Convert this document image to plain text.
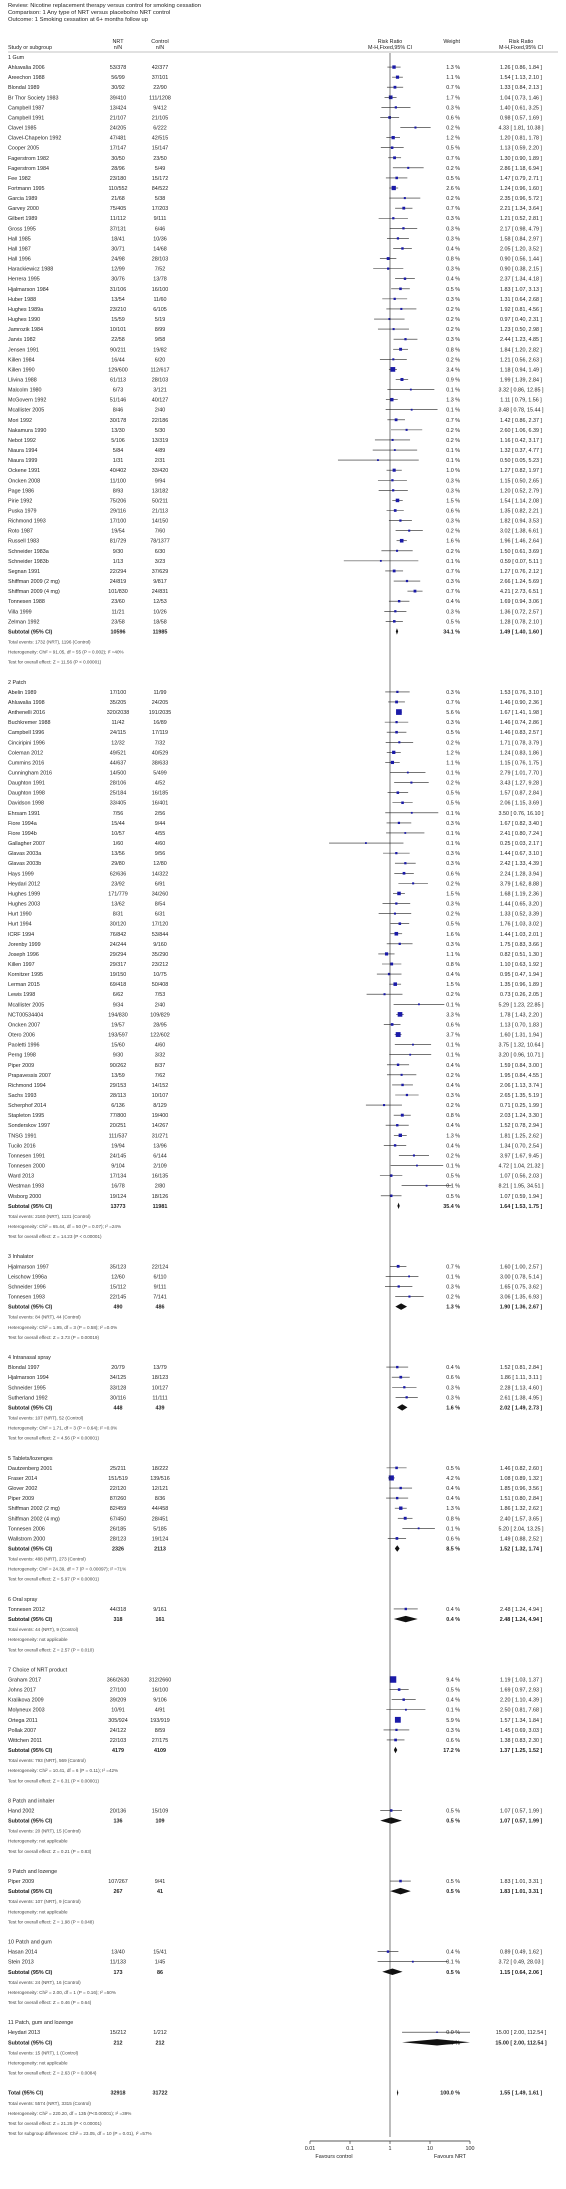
Review: Nicotine replacement therapy versus control for smoking cessation
Comparison: 1 Any type of NRT versus placebo/no NRT control
Outcome: 1 Smoking cessation at 6+ months follow up
Study or subgroup
NRT
n/N
Control
n/N
Risk Ratio
M-H,Fixed,95% CI
Weight	Risk Ratio
M-H,Fixed,95% CI
1 Gum
Ahluwalia 2006	53/378	42/377	1.3 %	1.26 [ 0.86, 1.84 ]
Areechon 1988	56/99	37/101	1.1 %	1.54 [ 1.13, 2.10 ]
Blondal 1989	30/92	22/90	0.7 %	1.33 [ 0.84, 2.13 ]
Br Thor Society 1983	39/410	111/1208	1.7 %	1.04 [ 0.73, 1.46 ]
Campbell 1987	13/424	9/412	0.3 %	1.40 [ 0.61, 3.25 ]
Campbell 1991	21/107	21/105	0.6 %	0.98 [ 0.57, 1.69 ]
Clavel 1985	24/205	6/222	0.2 %	4.33 [ 1.81, 10.38 ]
Clavel-Chapelon 1992	47/481	42/515	1.2 %	1.20 [ 0.81, 1.78 ]
Cooper 2005	17/147	15/147	0.5 %	1.13 [ 0.59, 2.20 ]
Fagerstrom 1982	30/50	23/50	0.7 %	1.30 [ 0.90, 1.89 ]
Fagerstrom 1984	28/96	5/49	0.2 %	2.86 [ 1.18, 6.94 ]
Fee 1982	23/180	15/172	0.5 %	1.47 [ 0.79, 2.71 ]
Fortmann 1995	110/552	84/522	2.6 %	1.24 [ 0.96, 1.60 ]
Garcia 1989	21/68	5/38	0.2 %	2.35 [ 0.96, 5.72 ]
Garvey 2000	75/405	17/203	0.7 %	2.21 [ 1.34, 3.64 ]
Gilbert 1989	11/112	9/111	0.3 %	1.21 [ 0.52, 2.81 ]
Gross 1995	37/131	6/46	0.3 %	2.17 [ 0.98, 4.79 ]
Hall 1985	18/41	10/36	0.3 %	1.58 [ 0.84, 2.97 ]
Hall 1987	30/71	14/68	0.4 %	2.05 [ 1.20, 3.52 ]
Hall 1996	24/98	28/103	0.8 %	0.90 [ 0.56, 1.44 ]
Harackiewicz 1988	12/99	7/52	0.3 %	0.90 [ 0.38, 2.15 ]
Herrera 1995	30/76	13/78	0.4 %	2.37 [ 1.34, 4.18 ]
Hjalmarson 1984	31/106	16/100	0.5 %	1.83 [ 1.07, 3.13 ]
Huber 1988	13/54	11/60	0.3 %	1.31 [ 0.64, 2.68 ]
Hughes 1989a	23/210	6/105	0.2 %	1.92 [ 0.81, 4.56 ]
Hughes 1990	15/59	5/19	0.2 %	0.97 [ 0.40, 2.31 ]
Jamrozik 1984	10/101	8/99	0.2 %	1.23 [ 0.50, 2.98 ]
Jarvis 1982	22/58	9/58	0.3 %	2.44 [ 1.23, 4.85 ]
Jensen 1991	90/211	19/82	0.8 %	1.84 [ 1.20, 2.82 ]
Killen 1984	16/44	6/20	0.2 %	1.21 [ 0.56, 2.63 ]
Killen 1990	129/600	112/617	3.4 %	1.18 [ 0.94, 1.49 ]
Llivina 1988	61/113	28/103	0.9 %	1.99 [ 1.39, 2.84 ]
Malcolm 1980	6/73	3/121	0.1 %	3.32 [ 0.86, 12.85 ]
McGovern 1992	51/146	40/127	1.3 %	1.11 [ 0.79, 1.56 ]
Mcallister 2005	8/46	2/40	0.1 %	3.48 [ 0.78, 15.44 ]
Mori 1992	30/178	22/186	0.7 %	1.42 [ 0.86, 2.37 ]
Nakamura 1990	13/30	5/30	0.2 %	2.60 [ 1.06, 6.39 ]
Nebot 1992	5/106	13/319	0.2 %	1.16 [ 0.42, 3.17 ]
Niaura 1994	5/84	4/89	0.1 %	1.32 [ 0.37, 4.77 ]
Niaura 1999	1/31	2/31	0.1 %	0.50 [ 0.05, 5.23 ]
Ockene 1991	40/402	33/420	1.0 %	1.27 [ 0.82, 1.97 ]
Oncken 2008	11/100	9/94	0.3 %	1.15 [ 0.50, 2.65 ]
Page 1986	8/93	13/182	0.3 %	1.20 [ 0.52, 2.79 ]
Pirie 1992	75/206	50/211	1.5 %	1.54 [ 1.14, 2.08 ]
Puska 1979	29/116	21/113	0.6 %	1.35 [ 0.82, 2.21 ]
Richmond 1993	17/100	14/150	0.3 %	1.82 [ 0.94, 3.53 ]
Roto 1987	19/54	7/60	0.2 %	3.02 [ 1.38, 6.61 ]
Russell 1983	81/729	78/1377	1.6 %	1.96 [ 1.46, 2.64 ]
Schneider 1983a	9/30	6/30	0.2 %	1.50 [ 0.61, 3.69 ]
Schneider 1983b	1/13	3/23	0.1 %	0.59 [ 0.07, 5.11 ]
Segnan 1991	22/294	37/629	0.7 %	1.27 [ 0.76, 2.12 ]
Shiffman 2009 (2 mg)	24/819	9/817	0.3 %	2.66 [ 1.24, 5.69 ]
Shiffman 2009 (4 mg)	101/830	24/831	0.7 %	4.21 [ 2.73, 6.51 ]
Tonnesen 1988	23/60	12/53	0.4 %	1.69 [ 0.94, 3.06 ]
Villa 1999	11/21	10/26	0.3 %	1.36 [ 0.72, 2.57 ]
Zelman 1992	23/58	18/58	0.5 %	1.28 [ 0.78, 2.10 ]
Subtotal (95% CI)	10596	11985	34.1 %	1.49 [ 1.40, 1.60 ]
Total events: 1732 (NRT), 1196 (Control)
Heterogeneity: Chi² = 91.05, df = 55 (P = 0.002); I² =40%
Test for overall effect: Z = 11.56 (P < 0.00001)
2 Patch
Abelin 1989	17/100	11/99	0.3 %	1.53 [ 0.76, 3.10 ]
Ahluwalia 1998	35/205	24/205	0.7 %	1.46 [ 0.90, 2.36 ]
Anthenelli 2016	320/2038	191/2035	5.6 %	1.67 [ 1.41, 1.98 ]
Buchkremer 1988	11/42	16/89	0.3 %	1.46 [ 0.74, 2.86 ]
Campbell 1996	24/115	17/119	0.5 %	1.46 [ 0.83, 2.57 ]
Cinciripini 1996	12/32	7/32	0.2 %	1.71 [ 0.78, 3.79 ]
Coleman 2012	49/521	40/529	1.2 %	1.24 [ 0.83, 1.86 ]
Cummins 2016	44/637	38/633	1.1 %	1.15 [ 0.76, 1.75 ]
Cunningham 2016	14/500	5/499	0.1 %	2.79 [ 1.01, 7.70 ]
Daughton 1991	28/106	4/52	0.2 %	3.43 [ 1.27, 9.28 ]
Daughton 1998	25/184	16/185	0.5 %	1.57 [ 0.87, 2.84 ]
Davidson 1998	33/405	16/401	0.5 %	2.06 [ 1.15, 3.69 ]
Ehrsam 1991	7/56	2/56	0.1 %	3.50 [ 0.76, 16.10 ]
Fiore 1994a	15/44	9/44	0.3 %	1.67 [ 0.82, 3.40 ]
Fiore 1994b	10/57	4/55	0.1 %	2.41 [ 0.80, 7.24 ]
Gallagher 2007	1/60	4/60	0.1 %	0.25 [ 0.03, 2.17 ]
Glavas 2003a	13/56	9/56	0.3 %	1.44 [ 0.67, 3.10 ]
Glavas 2003b	29/80	12/80	0.3 %	2.42 [ 1.33, 4.39 ]
Hays 1999	62/636	14/322	0.6 %	2.24 [ 1.28, 3.94 ]
Heydari 2012	23/92	6/91	0.2 %	3.79 [ 1.62, 8.88 ]
Hughes 1999	171/779	34/260	1.5 %	1.68 [ 1.19, 2.36 ]
Hughes 2003	13/62	8/54	0.3 %	1.44 [ 0.65, 3.20 ]
Hurt 1990	8/31	6/31	0.2 %	1.33 [ 0.52, 3.39 ]
Hurt 1994	30/120	17/120	0.5 %	1.76 [ 1.03, 3.02 ]
ICRF 1994	76/842	53/844	1.6 %	1.44 [ 1.03, 2.01 ]
Jorenby 1999	24/244	9/160	0.3 %	1.75 [ 0.83, 3.66 ]
Joseph 1996	29/294	35/290	1.1 %	0.82 [ 0.51, 1.30 ]
Killen 1997	29/317	23/212	0.8 %	1.10 [ 0.63, 1.92 ]
Kornitzer 1995	19/150	10/75	0.4 %	0.95 [ 0.47, 1.94 ]
Lerman 2015	69/418	50/408	1.5 %	1.35 [ 0.96, 1.89 ]
Lewis 1998	6/62	7/53	0.2 %	0.73 [ 0.26, 2.05 ]
Mcallister 2005	9/34	2/40	0.1 %	5.29 [ 1.23, 22.85 ]
NCT00534404	194/830	109/829	3.3 %	1.78 [ 1.43, 2.20 ]
Oncken 2007	19/57	28/95	0.6 %	1.13 [ 0.70, 1.83 ]
Otero 2006	193/597	122/602	3.7 %	1.60 [ 1.31, 1.94 ]
Paoletti 1996	15/60	4/60	0.1 %	3.75 [ 1.32, 10.64 ]
Perng 1998	9/30	3/32	0.1 %	3.20 [ 0.96, 10.71 ]
Piper 2009	90/262	8/37	0.4 %	1.59 [ 0.84, 3.00 ]
Prapavessis 2007	13/59	7/62	0.2 %	1.95 [ 0.84, 4.55 ]
Richmond 1994	29/153	14/152	0.4 %	2.06 [ 1.13, 3.74 ]
Sachs 1993	28/113	10/107	0.3 %	2.65 [ 1.35, 5.19 ]
Scherphof 2014	6/136	8/129	0.2 %	0.71 [ 0.25, 1.99 ]
Stapleton 1995	77/800	19/400	0.8 %	2.03 [ 1.24, 3.30 ]
Sonderskov 1997	20/251	14/267	0.4 %	1.52 [ 0.78, 2.94 ]
TNSG 1991	111/537	31/271	1.3 %	1.81 [ 1.25, 2.62 ]
Tucilo 2016	19/94	13/96	0.4 %	1.34 [ 0.70, 2.54 ]
Tonnesen 1991	24/145	6/144	0.2 %	3.97 [ 1.67, 9.45 ]
Tonnesen 2000	9/104	2/109	0.1 %	4.72 [ 1.04, 21.32 ]
Ward 2013	17/134	16/135	0.5 %	1.07 [ 0.56, 2.03 ]
Westman 1993	16/78	2/80	0.1 %	8.21 [ 1.95, 34.51 ]
Wisborg 2000	19/124	18/126	0.5 %	1.07 [ 0.59, 1.94 ]
Subtotal (95% CI)	13773	11981	35.4 %	1.64 [ 1.53, 1.75 ]
Total events: 2160 (NRT), 1131 (Control)
Heterogeneity: Chi² = 65.44, df = 50 (P = 0.07); I² =24%
Test for overall effect: Z = 14.23 (P < 0.00001)
3 Inhalator
Hjalmarson 1997	35/123	22/124	0.7 %	1.60 [ 1.00, 2.57 ]
Leischow 1996a	12/60	6/110	0.1 %	3.00 [ 0.78, 5.14 ]
Schneider 1996	15/112	9/111	0.3 %	1.65 [ 0.75, 3.62 ]
Tonnesen 1993	22/145	7/141	0.2 %	3.06 [ 1.35, 6.93 ]
Subtotal (95% CI)	490	486	1.3 %	1.90 [ 1.36, 2.67 ]
Total events: 84 (NRT), 44 (Control)
Heterogeneity: Chi² = 1.95, df = 3 (P = 0.58); I² =0.0%
Test for overall effect: Z = 3.73 (P = 0.00019)
4 Intranasal spray
Blondal 1997	20/79	13/79	0.4 %	1.52 [ 0.81, 2.84 ]
Hjalmarson 1994	34/125	18/123	0.6 %	1.86 [ 1.11, 3.11 ]
Schneider 1995	33/128	10/127	0.3 %	2.28 [ 1.13, 4.60 ]
Sutherland 1992	30/116	11/111	0.3 %	2.61 [ 1.38, 4.95 ]
Subtotal (95% CI)	448	439	1.6 %	2.02 [ 1.49, 2.73 ]
Total events: 107 (NRT), 52 (Control)
Heterogeneity: Chi² = 1.71, df = 3 (P = 0.64); I² =0.0%
Test for overall effect: Z = 4.56 (P < 0.00001)
5 Tablets/lozenges
Dautzenberg 2001	25/211	18/222	0.5 %	1.46 [ 0.82, 2.60 ]
Fraser 2014	151/519	139/516	4.2 %	1.08 [ 0.89, 1.32 ]
Glover 2002	22/120	12/121	0.4 %	1.85 [ 0.96, 3.56 ]
Piper 2009	87/260	8/36	0.4 %	1.51 [ 0.80, 2.84 ]
Shiffman 2002 (2 mg)	82/459	44/458	1.3 %	1.86 [ 1.32, 2.62 ]
Shiffman 2002 (4 mg)	67/450	28/451	0.8 %	2.40 [ 1.57, 3.65 ]
Tonnesen 2006	26/185	5/185	0.1 %	5.20 [ 2.04, 13.25 ]
Wallstrom 2000	28/123	19/124	0.6 %	1.49 [ 0.88, 2.52 ]
Subtotal (95% CI)	2326	2113	8.5 %	1.52 [ 1.32, 1.74 ]
Total events: 488 (NRT), 273 (Control)
Heterogeneity: Chi² = 24.39, df = 7 (P = 0.00097); I² =71%
Test for overall effect: Z = 5.97 (P < 0.00001)
6 Oral spray
Tonnesen 2012	44/318	9/161	0.4 %	2.48 [ 1.24, 4.94 ]
Subtotal (95% CI)	318	161	0.4 %	2.48 [ 1.24, 4.94 ]
Total events: 44 (NRT), 9 (Control)
Heterogeneity: not applicable
Test for overall effect: Z = 2.57 (P = 0.010)
7 Choice of NRT product
Graham 2017	366/2630	312/2660	9.4 %	1.19 [ 1.03, 1.37 ]
Johns 2017	27/100	16/100	0.5 %	1.69 [ 0.97, 2.93 ]
Kralikova 2009	39/209	9/106	0.4 %	2.20 [ 1.10, 4.39 ]
Molyneux 2003	10/91	4/91	0.1 %	2.50 [ 0.81, 7.68 ]
Ortega 2011	305/924	193/919	5.9 %	1.57 [ 1.34, 1.84 ]
Pollak 2007	24/122	8/59	0.3 %	1.45 [ 0.69, 3.03 ]
Wittchen 2011	22/103	27/175	0.6 %	1.38 [ 0.83, 2.30 ]
Subtotal (95% CI)	4179	4109	17.2 %	1.37 [ 1.25, 1.52 ]
Total events: 793 (NRT), 569 (Control)
Heterogeneity: Chi² = 10.41, df = 6 (P = 0.11); I² =42%
Test for overall effect: Z = 6.31 (P < 0.00001)
8 Patch and inhaler
Hand 2002	20/136	15/109	0.5 %	1.07 [ 0.57, 1.99 ]
Subtotal (95% CI)	136	109	0.5 %	1.07 [ 0.57, 1.99 ]
Total events: 20 (NRT), 15 (Control)
Heterogeneity: not applicable
Test for overall effect: Z = 0.21 (P = 0.83)
9 Patch and lozenge
Piper 2009	107/267	9/41	0.5 %	1.83 [ 1.01, 3.31 ]
Subtotal (95% CI)	267	41	0.5 %	1.83 [ 1.01, 3.31 ]
Total events: 107 (NRT), 9 (Control)
Heterogeneity: not applicable
Test for overall effect: Z = 1.98 (P = 0.048)
10 Patch and gum
Hasan 2014	13/40	15/41	0.4 %	0.89 [ 0.49, 1.62 ]
Stein 2013	11/133	1/45	0.1 %	3.72 [ 0.49, 28.03 ]
Subtotal (95% CI)	173	86	0.5 %	1.15 [ 0.64, 2.06 ]
Total events: 24 (NRT), 16 (Control)
Heterogeneity: Chi² = 2.00, df = 1 (P = 0.16); I² =50%
Test for overall effect: Z = 0.46 (P = 0.64)
11 Patch, gum and lozenge
Heydari 2013	15/212	1/212	0.0 %	15.00 [ 2.00, 112.54 ]
Subtotal (95% CI)	212	212	15.00 [ 2.00, 112.54 ]
Total events: 15 (NRT), 1 (Control)
Heterogeneity: not applicable
Test for overall effect: Z = 2.63 (P = 0.0084)
Total (95% CI)	32918	31722	100.0 %	1.55 [ 1.49, 1.61 ]
Total events: 5574 (NRT), 3315 (Control)
Heterogeneity: Chi² = 220.20, df = 135 (P<0.00001); I² =39%
Test for overall effect: Z = 21.25 (P < 0.00001)
Test for subgroup differences: Chi² = 23.05, df = 10 (P = 0.01), I² =57%
0.01	0.1	1	10	100
Favours control	Favours NRT
